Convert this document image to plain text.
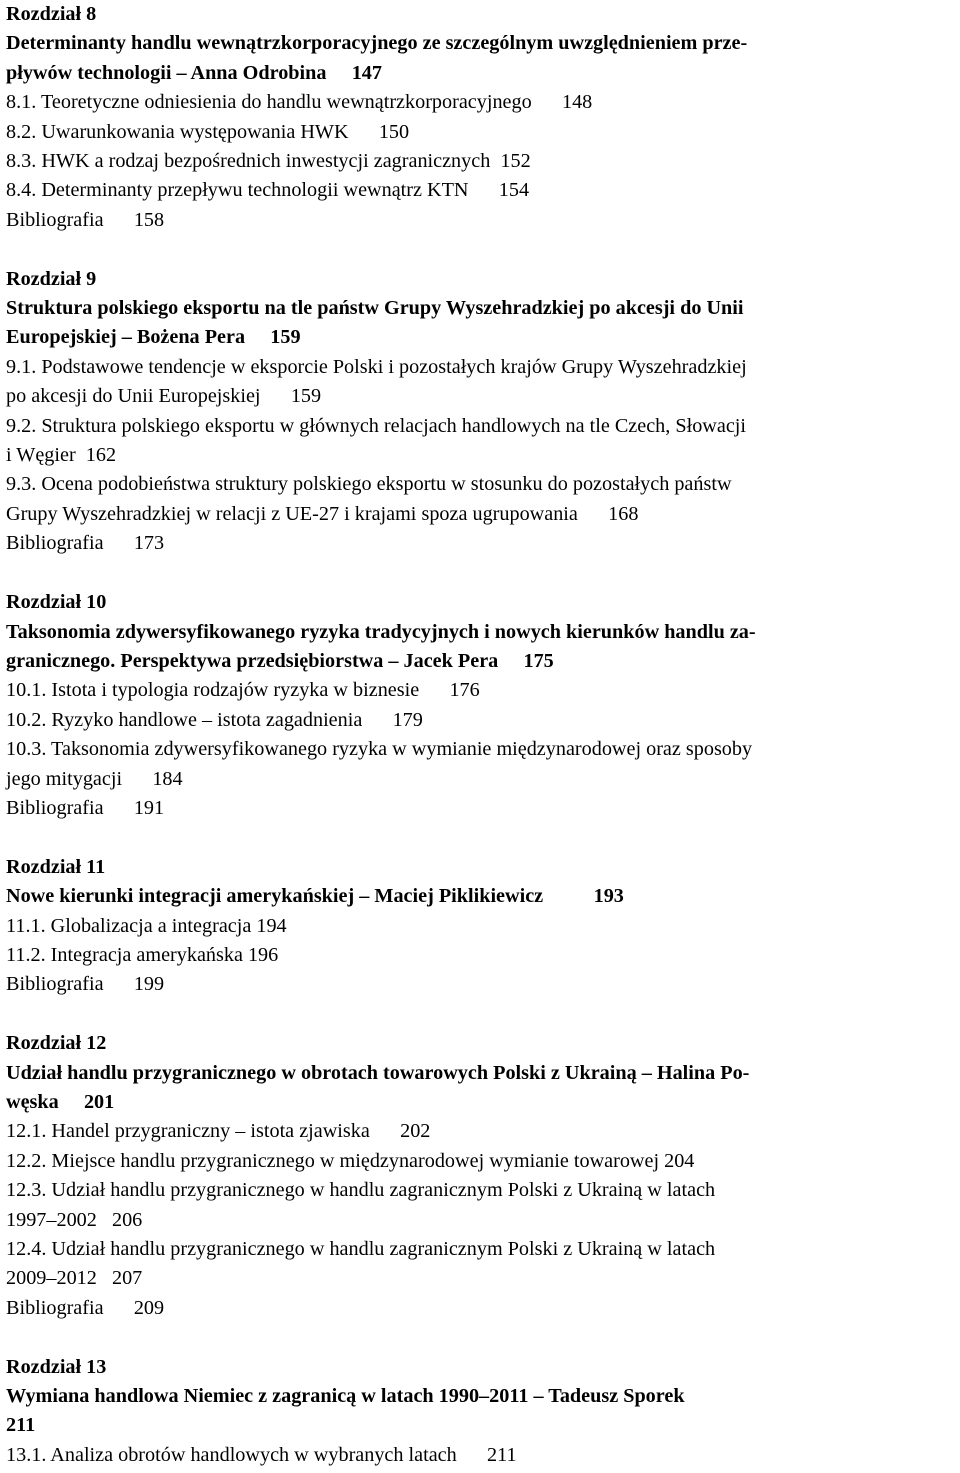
Rozdział 8
Determinanty handlu wewnątrzkorporacyjnego ze szczególnym uwzględnieniem prze-
pływów technologii – Anna Odrobina     147
8.1. Teoretyczne odniesienia do handlu wewnątrzkorporacyjnego      148
8.2. Uwarunkowania występowania HWK      150
8.3. HWK a rodzaj bezpośrednich inwestycji zagranicznych  152
8.4. Determinanty przepływu technologii wewnątrz KTN      154
Bibliografia      158
Rozdział 9
Struktura polskiego eksportu na tle państw Grupy Wyszehradzkiej po akcesji do Unii
Europejskiej – Bożena Pera     159
9.1. Podstawowe tendencje w eksporcie Polski i pozostałych krajów Grupy Wyszehradzkiej
po akcesji do Unii Europejskiej      159
9.2. Struktura polskiego eksportu w głównych relacjach handlowych na tle Czech, Słowacji
i Węgier  162
9.3. Ocena podobieństwa struktury polskiego eksportu w stosunku do pozostałych państw
Grupy Wyszehradzkiej w relacji z UE-27 i krajami spoza ugrupowania      168
Bibliografia      173
Rozdział 10
Taksonomia zdywersyfikowanego ryzyka tradycyjnych i nowych kierunków handlu za-
granicznego. Perspektywa przedsiębiorstwa – Jacek Pera     175
10.1. Istota i typologia rodzajów ryzyka w biznesie      176
10.2. Ryzyko handlowe – istota zagadnienia      179
10.3. Taksonomia zdywersyfikowanego ryzyka w wymianie międzynarodowej oraz sposoby
jego mitygacji      184
Bibliografia      191
Rozdział 11
Nowe kierunki integracji amerykańskiej – Maciej Piklikiewicz          193
11.1. Globalizacja a integracja 194
11.2. Integracja amerykańska 196
Bibliografia      199
Rozdział 12
Udział handlu przygranicznego w obrotach towarowych Polski z Ukrainą – Halina Po-
węska     201
12.1. Handel przygraniczny – istota zjawiska      202
12.2. Miejsce handlu przygranicznego w międzynarodowej wymianie towarowej 204
12.3. Udział handlu przygranicznego w handlu zagranicznym Polski z Ukrainą w latach
1997–2002   206
12.4. Udział handlu przygranicznego w handlu zagranicznym Polski z Ukrainą w latach
2009–2012   207
Bibliografia      209
Rozdział 13
Wymiana handlowa Niemiec z zagranicą w latach 1990–2011 – Tadeusz Sporek
211
13.1. Analiza obrotów handlowych w wybranych latach      211
